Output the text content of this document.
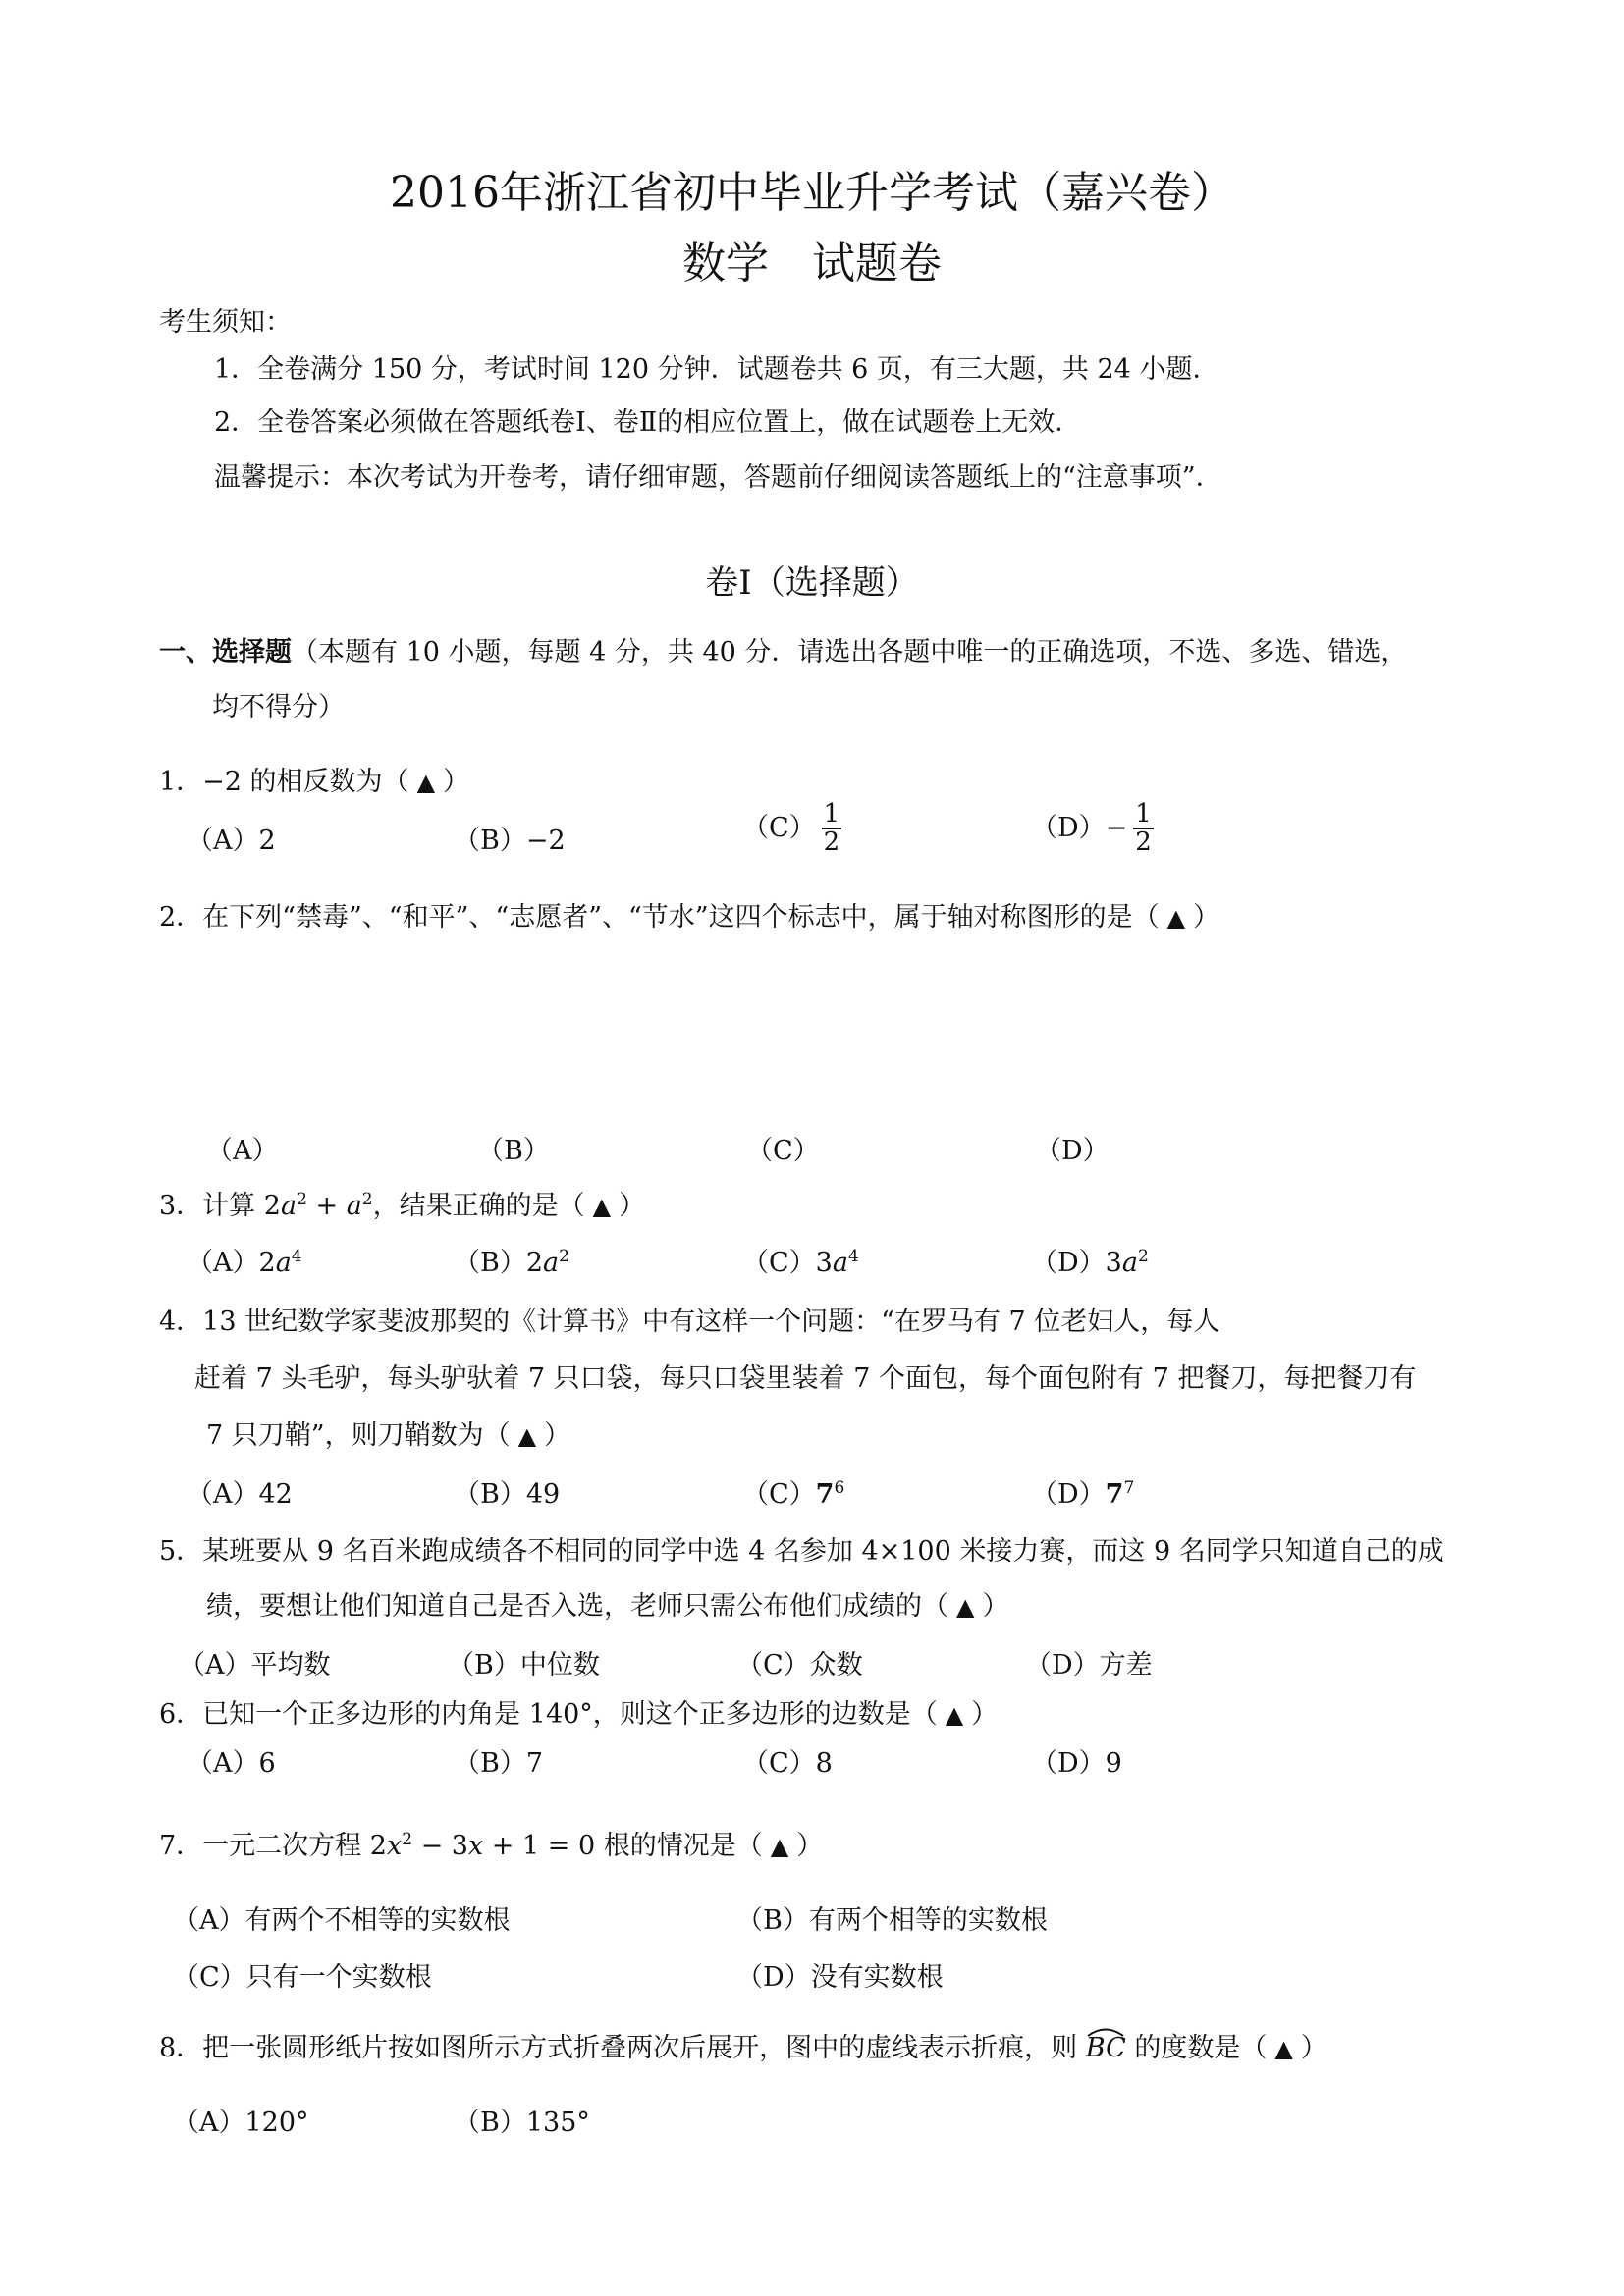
2016年浙江省初中毕业升学考试（嘉兴卷）
数学　试题卷
考生须知：
1．全卷满分 150 分，考试时间 120 分钟．试题卷共 6 页，有三大题，共 24 小题．
2．全卷答案必须做在答题纸卷Ⅰ、卷Ⅱ的相应位置上，做在试题卷上无效．
温馨提示：本次考试为开卷考，请仔细审题，答题前仔细阅读答题纸上的“注意事项”．
卷Ⅰ（选择题）
一、选择题（本题有 10 小题，每题 4 分，共 40 分．请选出各题中唯一的正确选项，不选、多选、错选，
均不得分）
1．−2 的相反数为（ ▲ ）
（A）2	（B）−2	$(C) \frac{1}{2}$	$(D)- \frac{1}{2}$
2．在下列“禁毒”、“和平”、“志愿者”、“节水”这四个标志中，属于轴对称图形的是（ ▲ ）
（A）	（B）	（C）	（D）
3．计算 $2a^2 + a^2$，结果正确的是（ ▲ ）
$(A)2a^4$	$(B)2a^2$	$(C)3a^4$	$(D)3a^2$
4．13 世纪数学家斐波那契的《计算书》中有这样一个问题：“在罗马有 7 位老妇人，每人
赶着 7 头毛驴，每头驴驮着 7 只口袋，每只口袋里装着 7 个面包，每个面包附有 7 把餐刀，每把餐刀有
7 只刀鞘”，则刀鞘数为（ ▲ ）
（A）42	（B）49	$(C)7^6$	$(D)7^7$
5．某班要从 9 名百米跑成绩各不相同的同学中选 4 名参加 4×100 米接力赛，而这 9 名同学只知道自己的成
绩，要想让他们知道自己是否入选，老师只需公布他们成绩的（ ▲ ）
（A）平均数	（B）中位数	（C）众数	（D）方差
6．已知一个正多边形的内角是 140°，则这个正多边形的边数是（ ▲ ）
（A）6	（B）7	（C）8	（D）9
7．一元二次方程 $2x^2 - 3x + 1 = 0$ 根的情况是（ ▲ ）
（A）有两个不相等的实数根	（B）有两个相等的实数根
（C）只有一个实数根	（D）没有实数根
8．把一张圆形纸片按如图所示方式折叠两次后展开，图中的虚线表示折痕，则
BC 的度数是（ ▲ ）
（A）120°	（B）135°
